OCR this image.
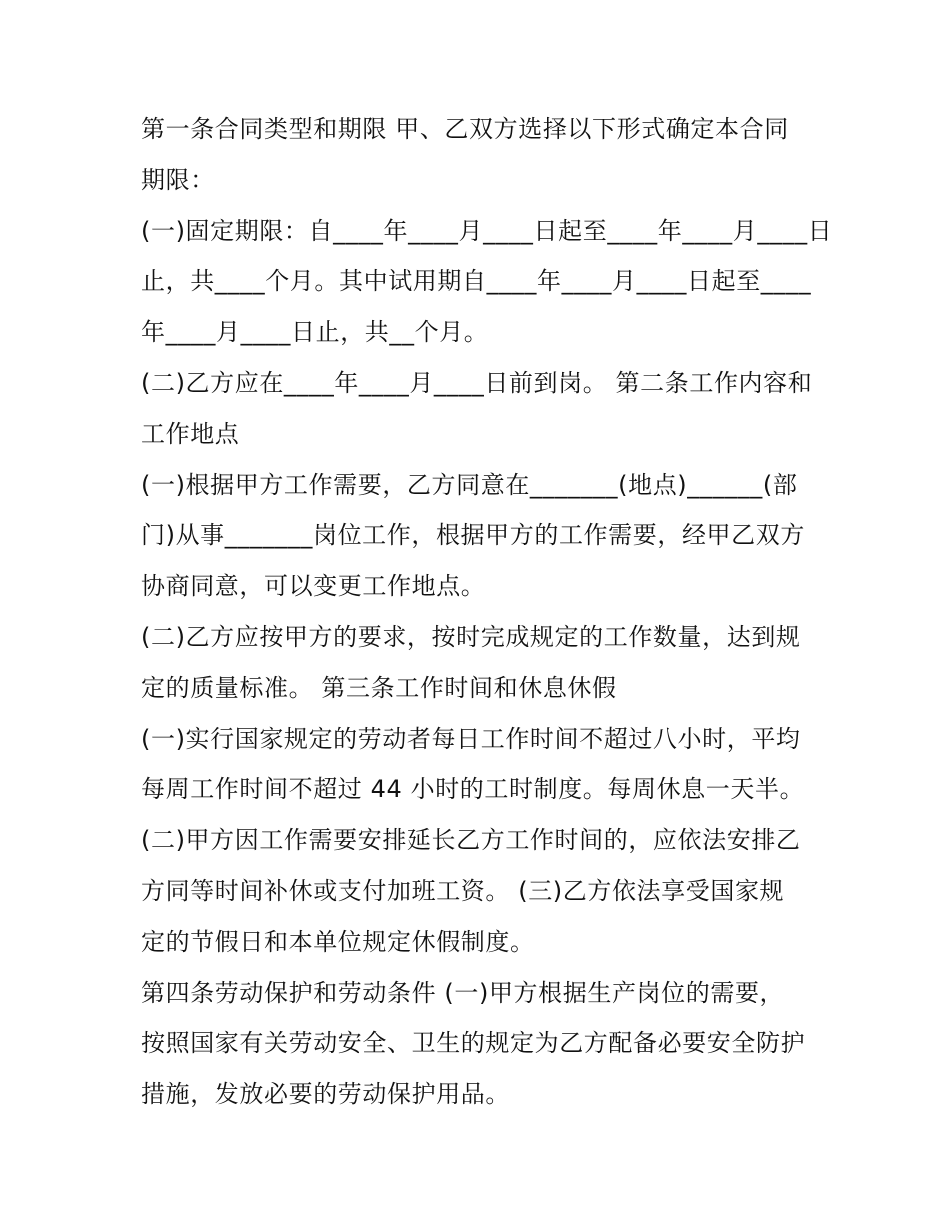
第一条合同类型和期限 甲、乙双方选择以下形式确定本合同
期限：
(一)固定期限：自____年____月____日起至____年____月____日
止，共____个月。其中试用期自____年____月____日起至____
年____月____日止，共__个月。
(二)乙方应在____年____月____日前到岗。 第二条工作内容和
工作地点
(一)根据甲方工作需要，乙方同意在_______(地点)______(部
门)从事_______岗位工作，根据甲方的工作需要，经甲乙双方
协商同意，可以变更工作地点。
(二)乙方应按甲方的要求，按时完成规定的工作数量，达到规
定的质量标准。 第三条工作时间和休息休假
(一)实行国家规定的劳动者每日工作时间不超过八小时，平均
每周工作时间不超过 44 小时的工时制度。每周休息一天半。
(二)甲方因工作需要安排延长乙方工作时间的，应依法安排乙
方同等时间补休或支付加班工资。 (三)乙方依法享受国家规
定的节假日和本单位规定休假制度。
第四条劳动保护和劳动条件 (一)甲方根据生产岗位的需要，
按照国家有关劳动安全、卫生的规定为乙方配备必要安全防护
措施，发放必要的劳动保护用品。
